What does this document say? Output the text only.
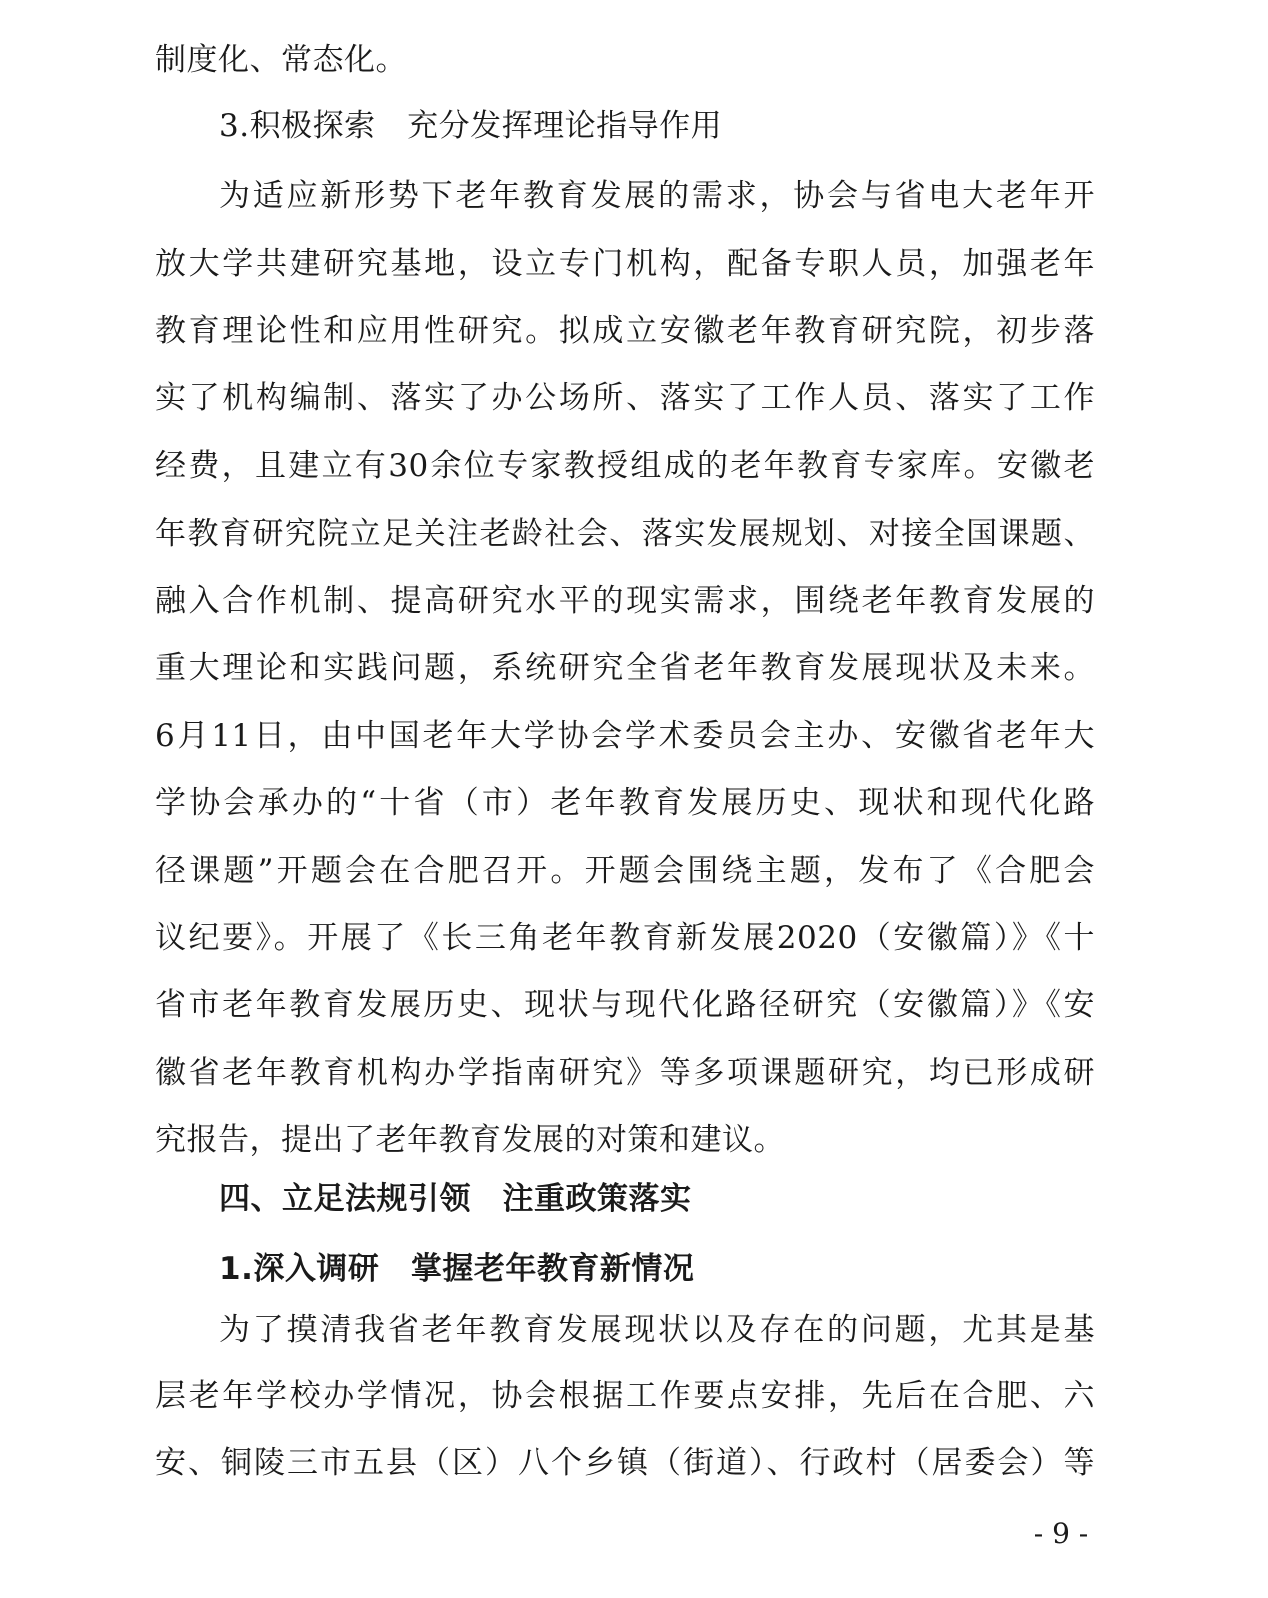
制度化、常态化。
3.积极探索　充分发挥理论指导作用
为适应新形势下老年教育发展的需求，协会与省电大老年开
放大学共建研究基地，设立专门机构，配备专职人员，加强老年
教育理论性和应用性研究。拟成立安徽老年教育研究院，初步落
实了机构编制、落实了办公场所、落实了工作人员、落实了工作
经费，且建立有30余位专家教授组成的老年教育专家库。安徽老
年教育研究院立足关注老龄社会、落实发展规划、对接全国课题、
融入合作机制、提高研究水平的现实需求，围绕老年教育发展的
重大理论和实践问题，系统研究全省老年教育发展现状及未来。
6月11日，由中国老年大学协会学术委员会主办、安徽省老年大
学协会承办的“十省（市）老年教育发展历史、现状和现代化路
径课题”开题会在合肥召开。开题会围绕主题，发布了《合肥会
议纪要》。开展了《长三角老年教育新发展2020（安徽篇）》《十
省市老年教育发展历史、现状与现代化路径研究（安徽篇）》《安
徽省老年教育机构办学指南研究》等多项课题研究，均已形成研
究报告，提出了老年教育发展的对策和建议。
四、立足法规引领　注重政策落实
1.深入调研　掌握老年教育新情况
为了摸清我省老年教育发展现状以及存在的问题，尤其是基
层老年学校办学情况，协会根据工作要点安排，先后在合肥、六
安、铜陵三市五县（区）八个乡镇（街道）、行政村（居委会）等
- 9 -
